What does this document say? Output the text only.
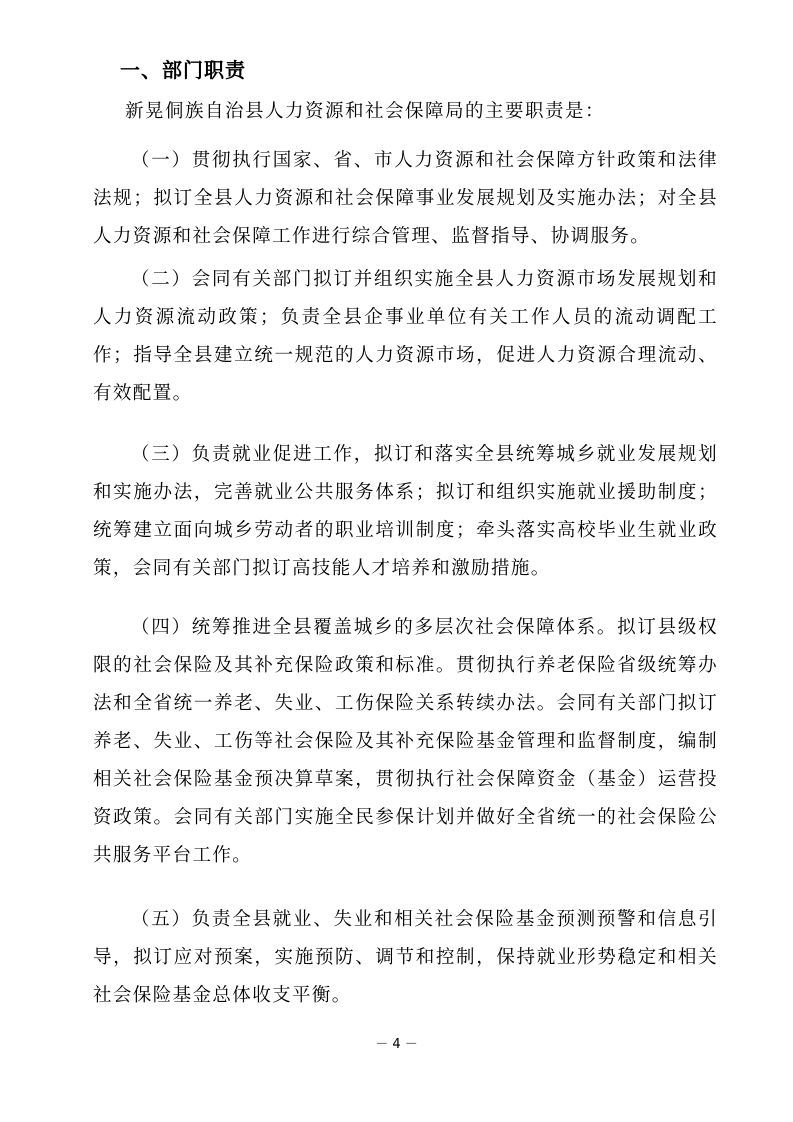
一、部门职责

新晃侗族自治县人力资源和社会保障局的主要职责是：

（一）贯彻执行国家、省、市人力资源和社会保障方针政策和法律法规；拟订全县人力资源和社会保障事业发展规划及实施办法；对全县人力资源和社会保障工作进行综合管理、监督指导、协调服务。

（二）会同有关部门拟订并组织实施全县人力资源市场发展规划和人力资源流动政策；负责全县企事业单位有关工作人员的流动调配工作；指导全县建立统一规范的人力资源市场，促进人力资源合理流动、有效配置。

（三）负责就业促进工作，拟订和落实全县统筹城乡就业发展规划和实施办法，完善就业公共服务体系；拟订和组织实施就业援助制度；统筹建立面向城乡劳动者的职业培训制度；牵头落实高校毕业生就业政策，会同有关部门拟订高技能人才培养和激励措施。

（四）统筹推进全县覆盖城乡的多层次社会保障体系。拟订县级权限的社会保险及其补充保险政策和标准。贯彻执行养老保险省级统筹办法和全省统一养老、失业、工伤保险关系转续办法。会同有关部门拟订养老、失业、工伤等社会保险及其补充保险基金管理和监督制度，编制相关社会保险基金预决算草案，贯彻执行社会保障资金（基金）运营投资政策。会同有关部门实施全民参保计划并做好全省统一的社会保险公共服务平台工作。

（五）负责全县就业、失业和相关社会保险基金预测预警和信息引导，拟订应对预案，实施预防、调节和控制，保持就业形势稳定和相关社会保险基金总体收支平衡。

－ 4 －
